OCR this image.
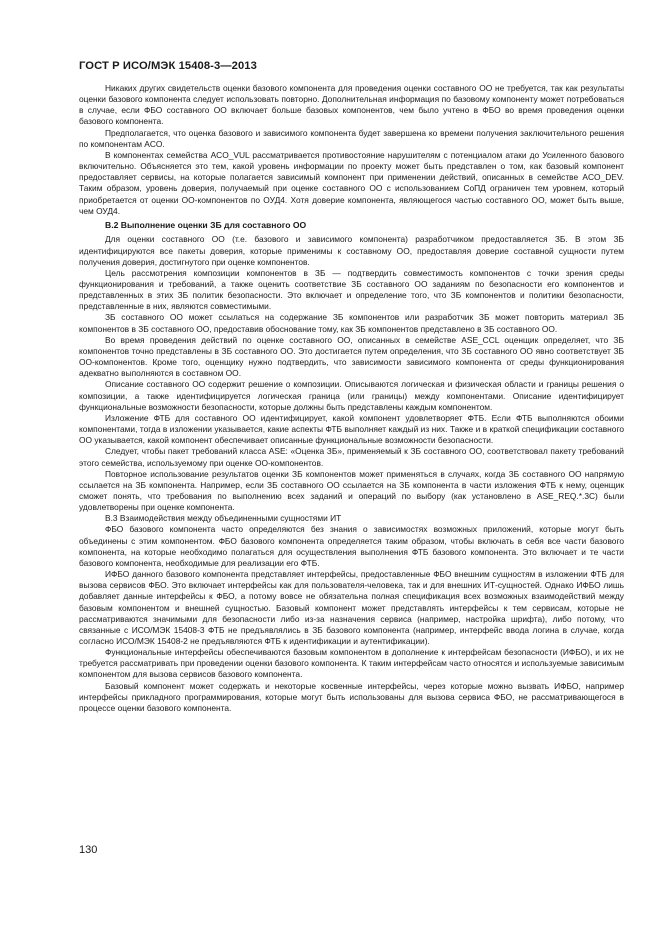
ГОСТ Р ИСО/МЭК 15408-3—2013

Никаких других свидетельств оценки базового компонента для проведения оценки составного ОО не требуется, так как результаты оценки базового компонента следует использовать повторно. Дополнительная информация по базовому компоненту может потребоваться в случае, если ФБО составного ОО включает больше базовых компонентов, чем было учтено в ФБО во время проведения оценки базового компонента.

Предполагается, что оценка базового и зависимого компонента будет завершена ко времени получения заключительного решения по компонентам ACO.

В компонентах семейства ACO_VUL рассматривается противостояние нарушителям с потенциалом атаки до Усиленного базового включительно. Объясняется это тем, какой уровень информации по проекту может быть представлен о том, как базовый компонент предоставляет сервисы, на которые полагается зависимый компонент при применении действий, описанных в семействе ACO_DEV. Таким образом, уровень доверия, получаемый при оценке составного ОО с использованием СоПД ограничен тем уровнем, который приобретается от оценки ОО-компонентов по ОУД4. Хотя доверие компонента, являющегося частью составного ОО, может быть выше, чем ОУД4.

В.2 Выполнение оценки ЗБ для составного ОО

Для оценки составного ОО (т.е. базового и зависимого компонента) разработчиком предоставляется ЗБ. В этом ЗБ идентифицируются все пакеты доверия, которые применимы к составному ОО, предоставляя доверие составной сущности путем получения доверия, достигнутого при оценке компонентов.

Цель рассмотрения композиции компонентов в ЗБ — подтвердить совместимость компонентов с точки зрения среды функционирования и требований, а также оценить соответствие ЗБ составного ОО заданиям по безопасности его компонентов и представленных в этих ЗБ политик безопасности. Это включает и определение того, что ЗБ компонентов и политики безопасности, представленные в них, являются совместимыми.

ЗБ составного ОО может ссылаться на содержание ЗБ компонентов или разработчик ЗБ может повторить материал ЗБ компонентов в ЗБ составного ОО, предоставив обоснование тому, как ЗБ компонентов представлено в ЗБ составного ОО.

Во время проведения действий по оценке составного ОО, описанных в семействе ASE_CCL оценщик определяет, что ЗБ компонентов точно представлены в ЗБ составного ОО. Это достигается путем определения, что ЗБ составного ОО явно соответствует ЗБ ОО-компонентов. Кроме того, оценщику нужно подтвердить, что зависимости зависимого компонента от среды функционирования адекватно выполняются в составном ОО.

Описание составного ОО содержит решение о композиции. Описываются логическая и физическая области и границы решения о композиции, а также идентифицируется логическая граница (или границы) между компонентами. Описание идентифицирует функциональные возможности безопасности, которые должны быть представлены каждым компонентом.

Изложение ФТБ для составного ОО идентифицирует, какой компонент удовлетворяет ФТБ. Если ФТБ выполняются обоими компонентами, тогда в изложении указывается, какие аспекты ФТБ выполняет каждый из них. Также и в краткой спецификации составного ОО указывается, какой компонент обеспечивает описанные функциональные возможности безопасности.

Следует, чтобы пакет требований класса ASE: «Оценка ЗБ», применяемый к ЗБ составного ОО, соответствовал пакету требований этого семейства, используемому при оценке ОО-компонентов.

Повторное использование результатов оценки ЗБ компонентов может применяться в случаях, когда ЗБ составного ОО напрямую ссылается на ЗБ компонента. Например, если ЗБ составного ОО ссылается на ЗБ компонента в части изложения ФТБ к нему, оценщик сможет понять, что требования по выполнению всех заданий и операций по выбору (как установлено в ASE_REQ.*.3C) были удовлетворены при оценке компонента.

В.3 Взаимодействия между объединенными сущностями ИТ

ФБО базового компонента часто определяются без знания о зависимостях возможных приложений, которые могут быть объединены с этим компонентом. ФБО базового компонента определяется таким образом, чтобы включать в себя все части базового компонента, на которые необходимо полагаться для осуществления выполнения ФТБ базового компонента. Это включает и те части базового компонента, необходимые для реализации его ФТБ.

ИФБО данного базового компонента представляет интерфейсы, предоставленные ФБО внешним сущностям в изложении ФТБ для вызова сервисов ФБО. Это включает интерфейсы как для пользователя-человека, так и для внешних ИТ-сущностей. Однако ИФБО лишь добавляет данные интерфейсы к ФБО, а потому вовсе не обязательна полная спецификация всех возможных взаимодействий между базовым компонентом и внешней сущностью. Базовый компонент может представлять интерфейсы к тем сервисам, которые не рассматриваются значимыми для безопасности либо из-за назначения сервиса (например, настройка шрифта), либо потому, что связанные с ИСО/МЭК 15408-3 ФТБ не предъявлялись в ЗБ базового компонента (например, интерфейс ввода логина в случае, когда согласно ИСО/МЭК 15408-2 не предъявляются ФТБ к идентификации и аутентификации).

Функциональные интерфейсы обеспечиваются базовым компонентом в дополнение к интерфейсам безопасности (ИФБО), и их не требуется рассматривать при проведении оценки базового компонента. К таким интерфейсам часто относятся и используемые зависимым компонентом для вызова сервисов базового компонента.

Базовый компонент может содержать и некоторые косвенные интерфейсы, через которые можно вызвать ИФБО, например интерфейсы прикладного программирования, которые могут быть использованы для вызова сервиса ФБО, не рассматривающегося в процессе оценки базового компонента.

130
